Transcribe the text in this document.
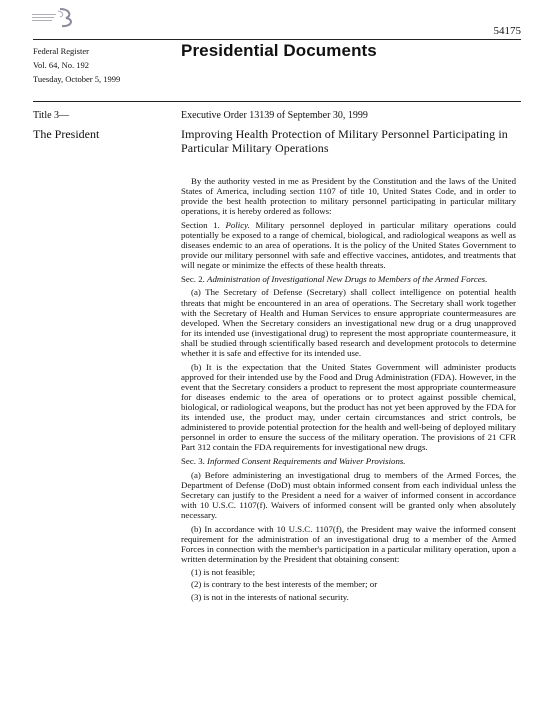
54175
Federal Register
Vol. 64, No. 192
Tuesday, October 5, 1999
Presidential Documents
Title 3—
The President
Executive Order 13139 of September 30, 1999
Improving Health Protection of Military Personnel Participating in Particular Military Operations

By the authority vested in me as President by the Constitution and the laws of the United States of America, including section 1107 of title 10, United States Code, and in order to provide the best health protection to military personnel participating in particular military operations, it is hereby ordered as follows:

Section 1. Policy. Military personnel deployed in particular military operations could potentially be exposed to a range of chemical, biological, and radiological weapons as well as diseases endemic to an area of operations. It is the policy of the United States Government to provide our military personnel with safe and effective vaccines, antidotes, and treatments that will negate or minimize the effects of these health threats.

Sec. 2. Administration of Investigational New Drugs to Members of the Armed Forces.

(a) The Secretary of Defense (Secretary) shall collect intelligence on potential health threats that might be encountered in an area of operations. The Secretary shall work together with the Secretary of Health and Human Services to ensure appropriate countermeasures are developed. When the Secretary considers an investigational new drug or a drug unapproved for its intended use (investigational drug) to represent the most appropriate countermeasure, it shall be studied through scientifically based research and development protocols to determine whether it is safe and effective for its intended use.

(b) It is the expectation that the United States Government will administer products approved for their intended use by the Food and Drug Administration (FDA). However, in the event that the Secretary considers a product to represent the most appropriate countermeasure for diseases endemic to the area of operations or to protect against possible chemical, biological, or radiological weapons, but the product has not yet been approved by the FDA for its intended use, the product may, under certain circumstances and strict controls, be administered to provide potential protection for the health and well-being of deployed military personnel in order to ensure the success of the military operation. The provisions of 21 CFR Part 312 contain the FDA requirements for investigational new drugs.

Sec. 3. Informed Consent Requirements and Waiver Provisions.

(a) Before administering an investigational drug to members of the Armed Forces, the Department of Defense (DoD) must obtain informed consent from each individual unless the Secretary can justify to the President a need for a waiver of informed consent in accordance with 10 U.S.C. 1107(f). Waivers of informed consent will be granted only when absolutely necessary.

(b) In accordance with 10 U.S.C. 1107(f), the President may waive the informed consent requirement for the administration of an investigational drug to a member of the Armed Forces in connection with the member's participation in a particular military operation, upon a written determination by the President that obtaining consent:

(1) is not feasible;

(2) is contrary to the best interests of the member; or

(3) is not in the interests of national security.
